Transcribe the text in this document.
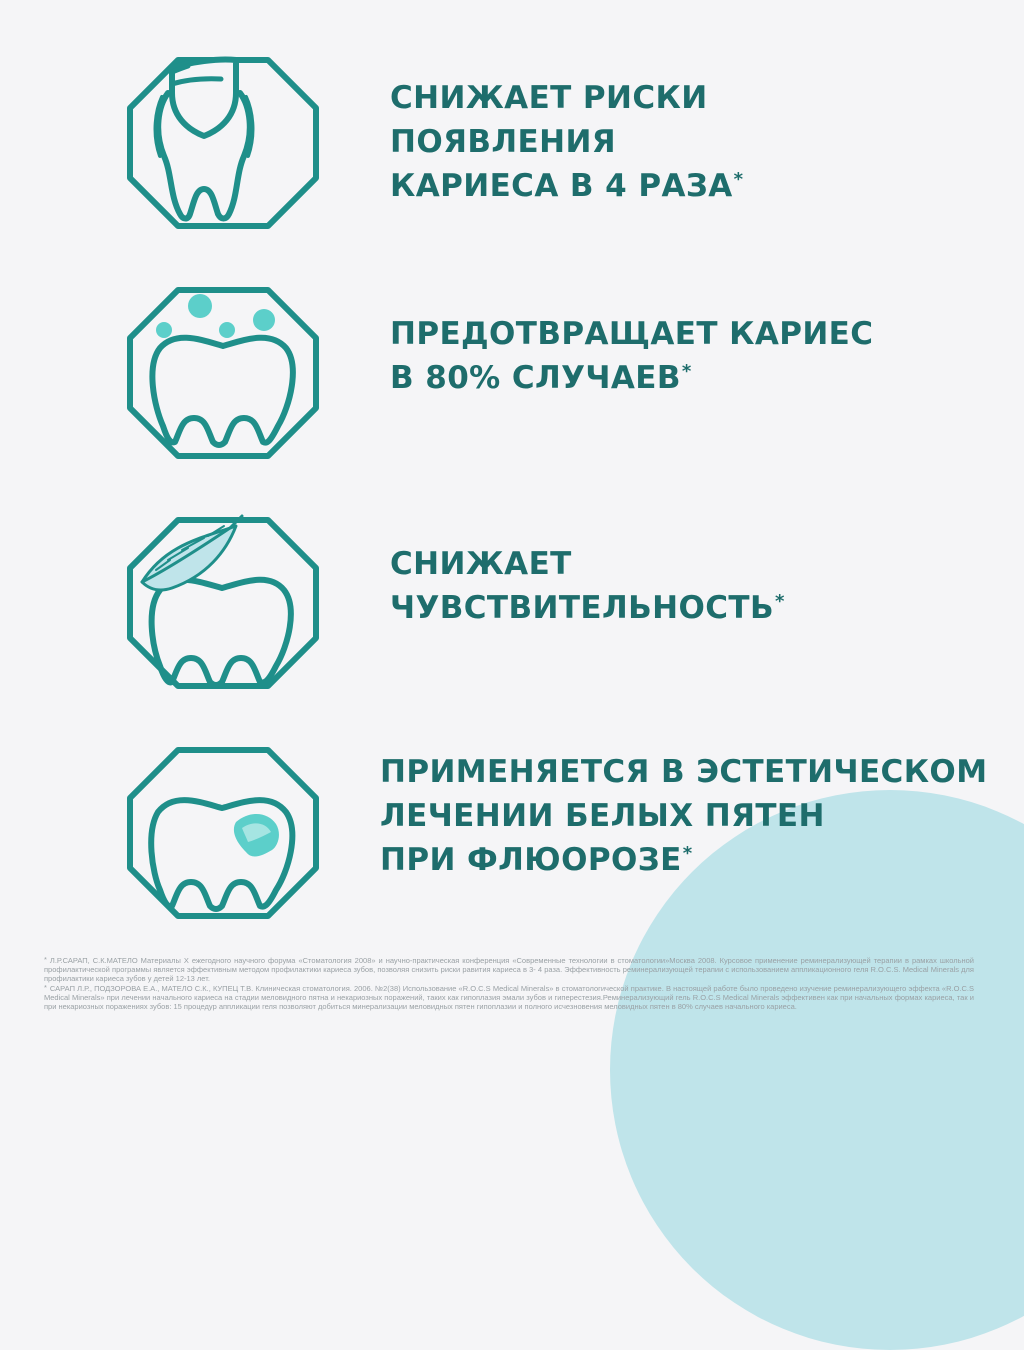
СНИЖАЕТ РИСКИ
ПОЯВЛЕНИЯ
КАРИЕСА В 4 РАЗА*
ПРЕДОТВРАЩАЕТ КАРИЕС
В 80% СЛУЧАЕВ*
СНИЖАЕТ
ЧУВСТВИТЕЛЬНОСТЬ*
ПРИМЕНЯЕТСЯ В ЭСТЕТИЧЕСКОМ
ЛЕЧЕНИИ БЕЛЫХ ПЯТЕН
ПРИ ФЛЮОРОЗЕ*

* Л.Р.САРАП, С.К.МАТЕЛО Материалы X ежегодного научного форума «Стоматология 2008» и научно-практическая конференция «Современные технологии в стоматологии»Москва 2008. Курсовое применение реминерализующей терапии в рамках школьной профилактической программы является эффективным методом профилактики кариеса зубов, позволяя снизить риски равития кариеса в 3- 4 раза. Эффективность реминерализующей терапии с использованием аппликационного геля R.O.C.S. Medical Minerals для профилактики кариеса зубов у детей 12-13 лет.

* САРАП Л.Р., ПОДЗОРОВА Е.А., МАТЕЛО С.К., КУПЕЦ Т.В. Клиническая стоматология. 2006. №2(38) Использование «R.O.C.S Medical Minerals» в стоматологической практике. В настоящей работе было проведено изучение реминерализующего эффекта «R.O.C.S Medical Minerals» при лечении начального кариеса на стадии меловидного пятна и некариозных поражений, таких как гипоплазия эмали зубов и гиперестезия.Реминерализующий гель R.O.C.S Medical Minerals эффективен как при начальных формах кариеса, так и при некариозных поражениях зубов: 15 процедур аппликации геля позволяют добиться минерализации меловидных пятен гипоплазии и полного исчезновения меловидных пятен в 80% случаев начального кариеса.
